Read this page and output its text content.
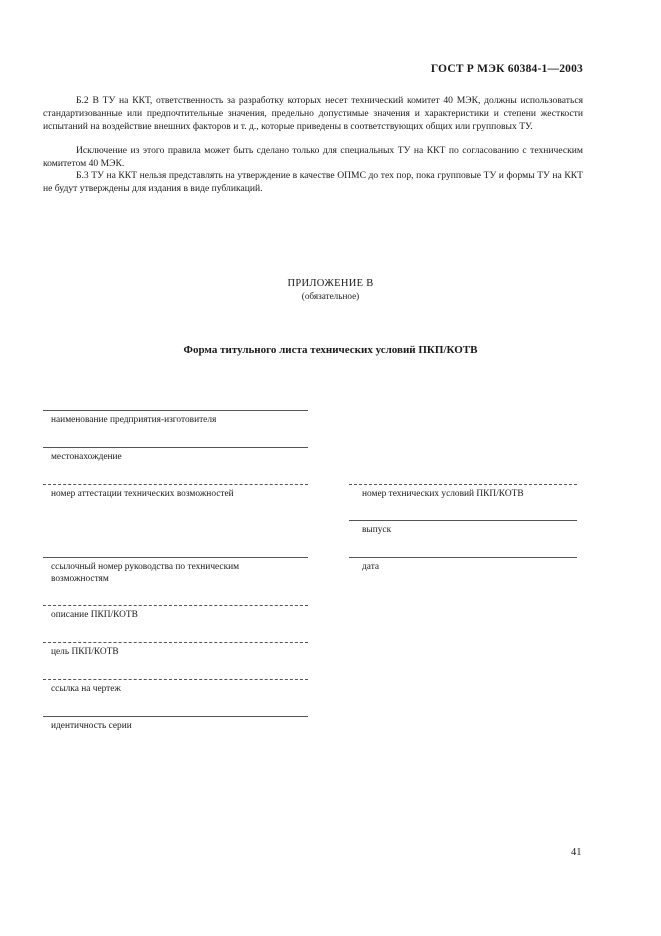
ГОСТ Р МЭК 60384-1—2003

Б.2 В ТУ на ККТ, ответственность за разработку которых несет технический комитет 40 МЭК, должны использоваться стандартизованные или предпочтительные значения, предельно допустимые значения и характеристики и степени жесткости испытаний на воздействие внешних факторов и т. д., которые приведены в соответствующих общих или групповых ТУ.

Исключение из этого правила может быть сделано только для специальных ТУ на ККТ по согласованию с техническим комитетом 40 МЭК.

Б.3 ТУ на ККТ нельзя представлять на утверждение в качестве ОПМС до тех пор, пока групповые ТУ и формы ТУ на ККТ не будут утверждены для издания в виде публикаций.

ПРИЛОЖЕНИЕ В
(обязательное)
Форма титульного листа технических условий ПКП/КОТВ
наименование предприятия-изготовителя
местонахождение
номер аттестации технических возможностей
ссылочный номер руководства по техническим возможностям
описание ПКП/КОТВ
цель ПКП/КОТВ
ссылка на чертеж
идентичность серии
номер технических условий ПКП/КОТВ
выпуск
дата
41
